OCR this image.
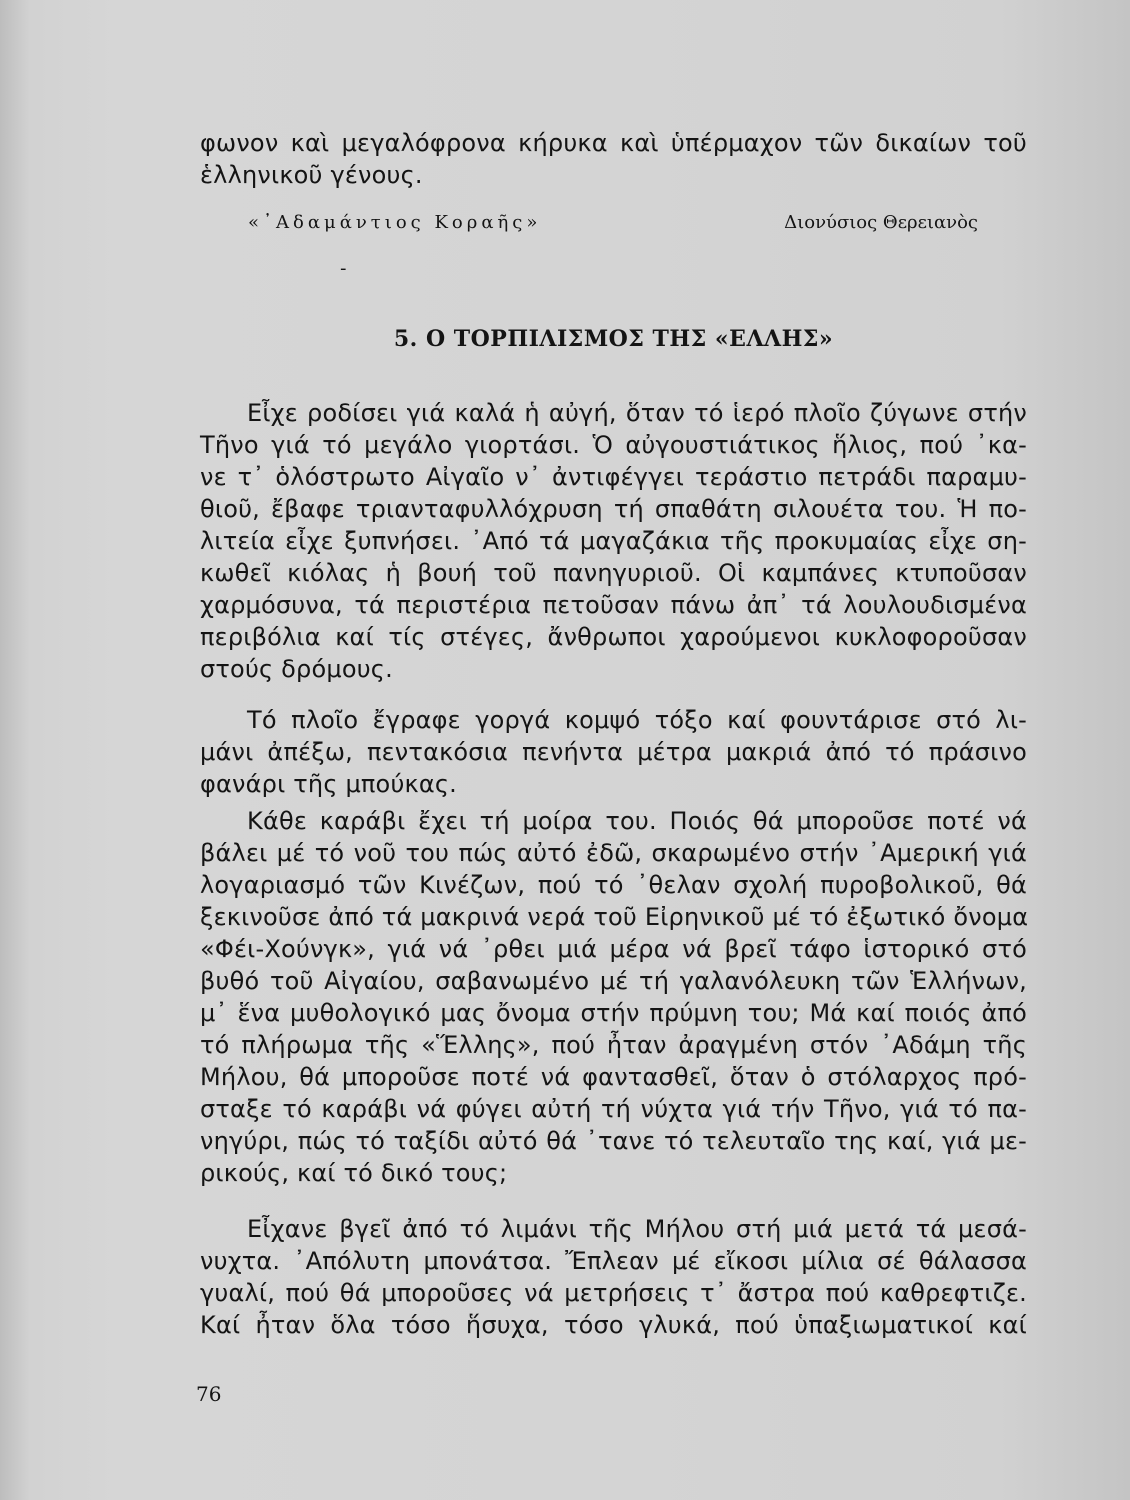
φωνον καὶ μεγαλόφρονα κήρυκα καὶ ὑπέρμαχον τῶν δικαίων τοῦ
ἑλληνικοῦ γένους.
«᾿Αδαμάντιος Κοραῆς»	Διονύσιος Θερειανὸς
-
5. Ο ΤΟΡΠΙΛΙΣΜΟΣ ΤΗΣ «ΕΛΛΗΣ»
Εἶχε ροδίσει γιά καλά ἡ αὐγή, ὅταν τό ἱερό πλοῖο ζύγωνε στήν
Τῆνο γιά τό μεγάλο γιορτάσι. Ὁ αὐγουστιάτικος ἥλιος, πού ᾽κα-
νε τ᾽ ὁλόστρωτο Αἰγαῖο ν᾽ ἀντιφέγγει τεράστιο πετράδι παραμυ-
θιοῦ, ἔβαφε τριανταφυλλόχρυση τή σπαθάτη σιλουέτα του. Ἡ πο-
λιτεία εἶχε ξυπνήσει. ᾽Από τά μαγαζάκια τῆς προκυμαίας εἶχε ση-
κωθεῖ κιόλας ἡ βουή τοῦ πανηγυριοῦ. Οἱ καμπάνες κτυποῦσαν
χαρμόσυνα, τά περιστέρια πετοῦσαν πάνω ἀπ᾽ τά λουλουδισμένα
περιβόλια καί τίς στέγες, ἄνθρωποι χαρούμενοι κυκλοφοροῦσαν
στούς δρόμους.
Τό πλοῖο ἔγραφε γοργά κομψό τόξο καί φουντάρισε στό λι-
μάνι ἀπέξω, πεντακόσια πενήντα μέτρα μακριά ἀπό τό πράσινο
φανάρι τῆς μπούκας.
Κάθε καράβι ἔχει τή μοίρα του. Ποιός θά μποροῦσε ποτέ νά
βάλει μέ τό νοῦ του πώς αὐτό ἐδῶ, σκαρωμένο στήν ᾽Αμερική γιά
λογαριασμό τῶν Κινέζων, πού τό ᾽θελαν σχολή πυροβολικοῦ, θά
ξεκινοῦσε ἀπό τά μακρινά νερά τοῦ Εἰρηνικοῦ μέ τό ἐξωτικό ὄνομα
«Φέι-Χούνγκ», γιά νά ᾽ρθει μιά μέρα νά βρεῖ τάφο ἱστορικό στό
βυθό τοῦ Αἰγαίου, σαβανωμένο μέ τή γαλανόλευκη τῶν Ἑλλήνων,
μ᾽ ἕνα μυθολογικό μας ὄνομα στήν πρύμνη του; Μά καί ποιός ἀπό
τό πλήρωμα τῆς «Ἕλλης», πού ἦταν ἀραγμένη στόν ᾽Αδάμη τῆς
Μήλου, θά μποροῦσε ποτέ νά φαντασθεῖ, ὅταν ὁ στόλαρχος πρό-
σταξε τό καράβι νά φύγει αὐτή τή νύχτα γιά τήν Τῆνο, γιά τό πα-
νηγύρι, πώς τό ταξίδι αὐτό θά ᾽τανε τό τελευταῖο της καί, γιά με-
ρικούς, καί τό δικό τους;
Εἶχανε βγεῖ ἀπό τό λιμάνι τῆς Μήλου στή μιά μετά τά μεσά-
νυχτα. ᾽Απόλυτη μπονάτσα. Ἔπλεαν μέ εἴκοσι μίλια σέ θάλασσα
γυαλί, πού θά μποροῦσες νά μετρήσεις τ᾽ ἄστρα πού καθρεφτιζε.
Καί ἦταν ὅλα τόσο ἥσυχα, τόσο γλυκά, πού ὑπαξιωματικοί καί
76
